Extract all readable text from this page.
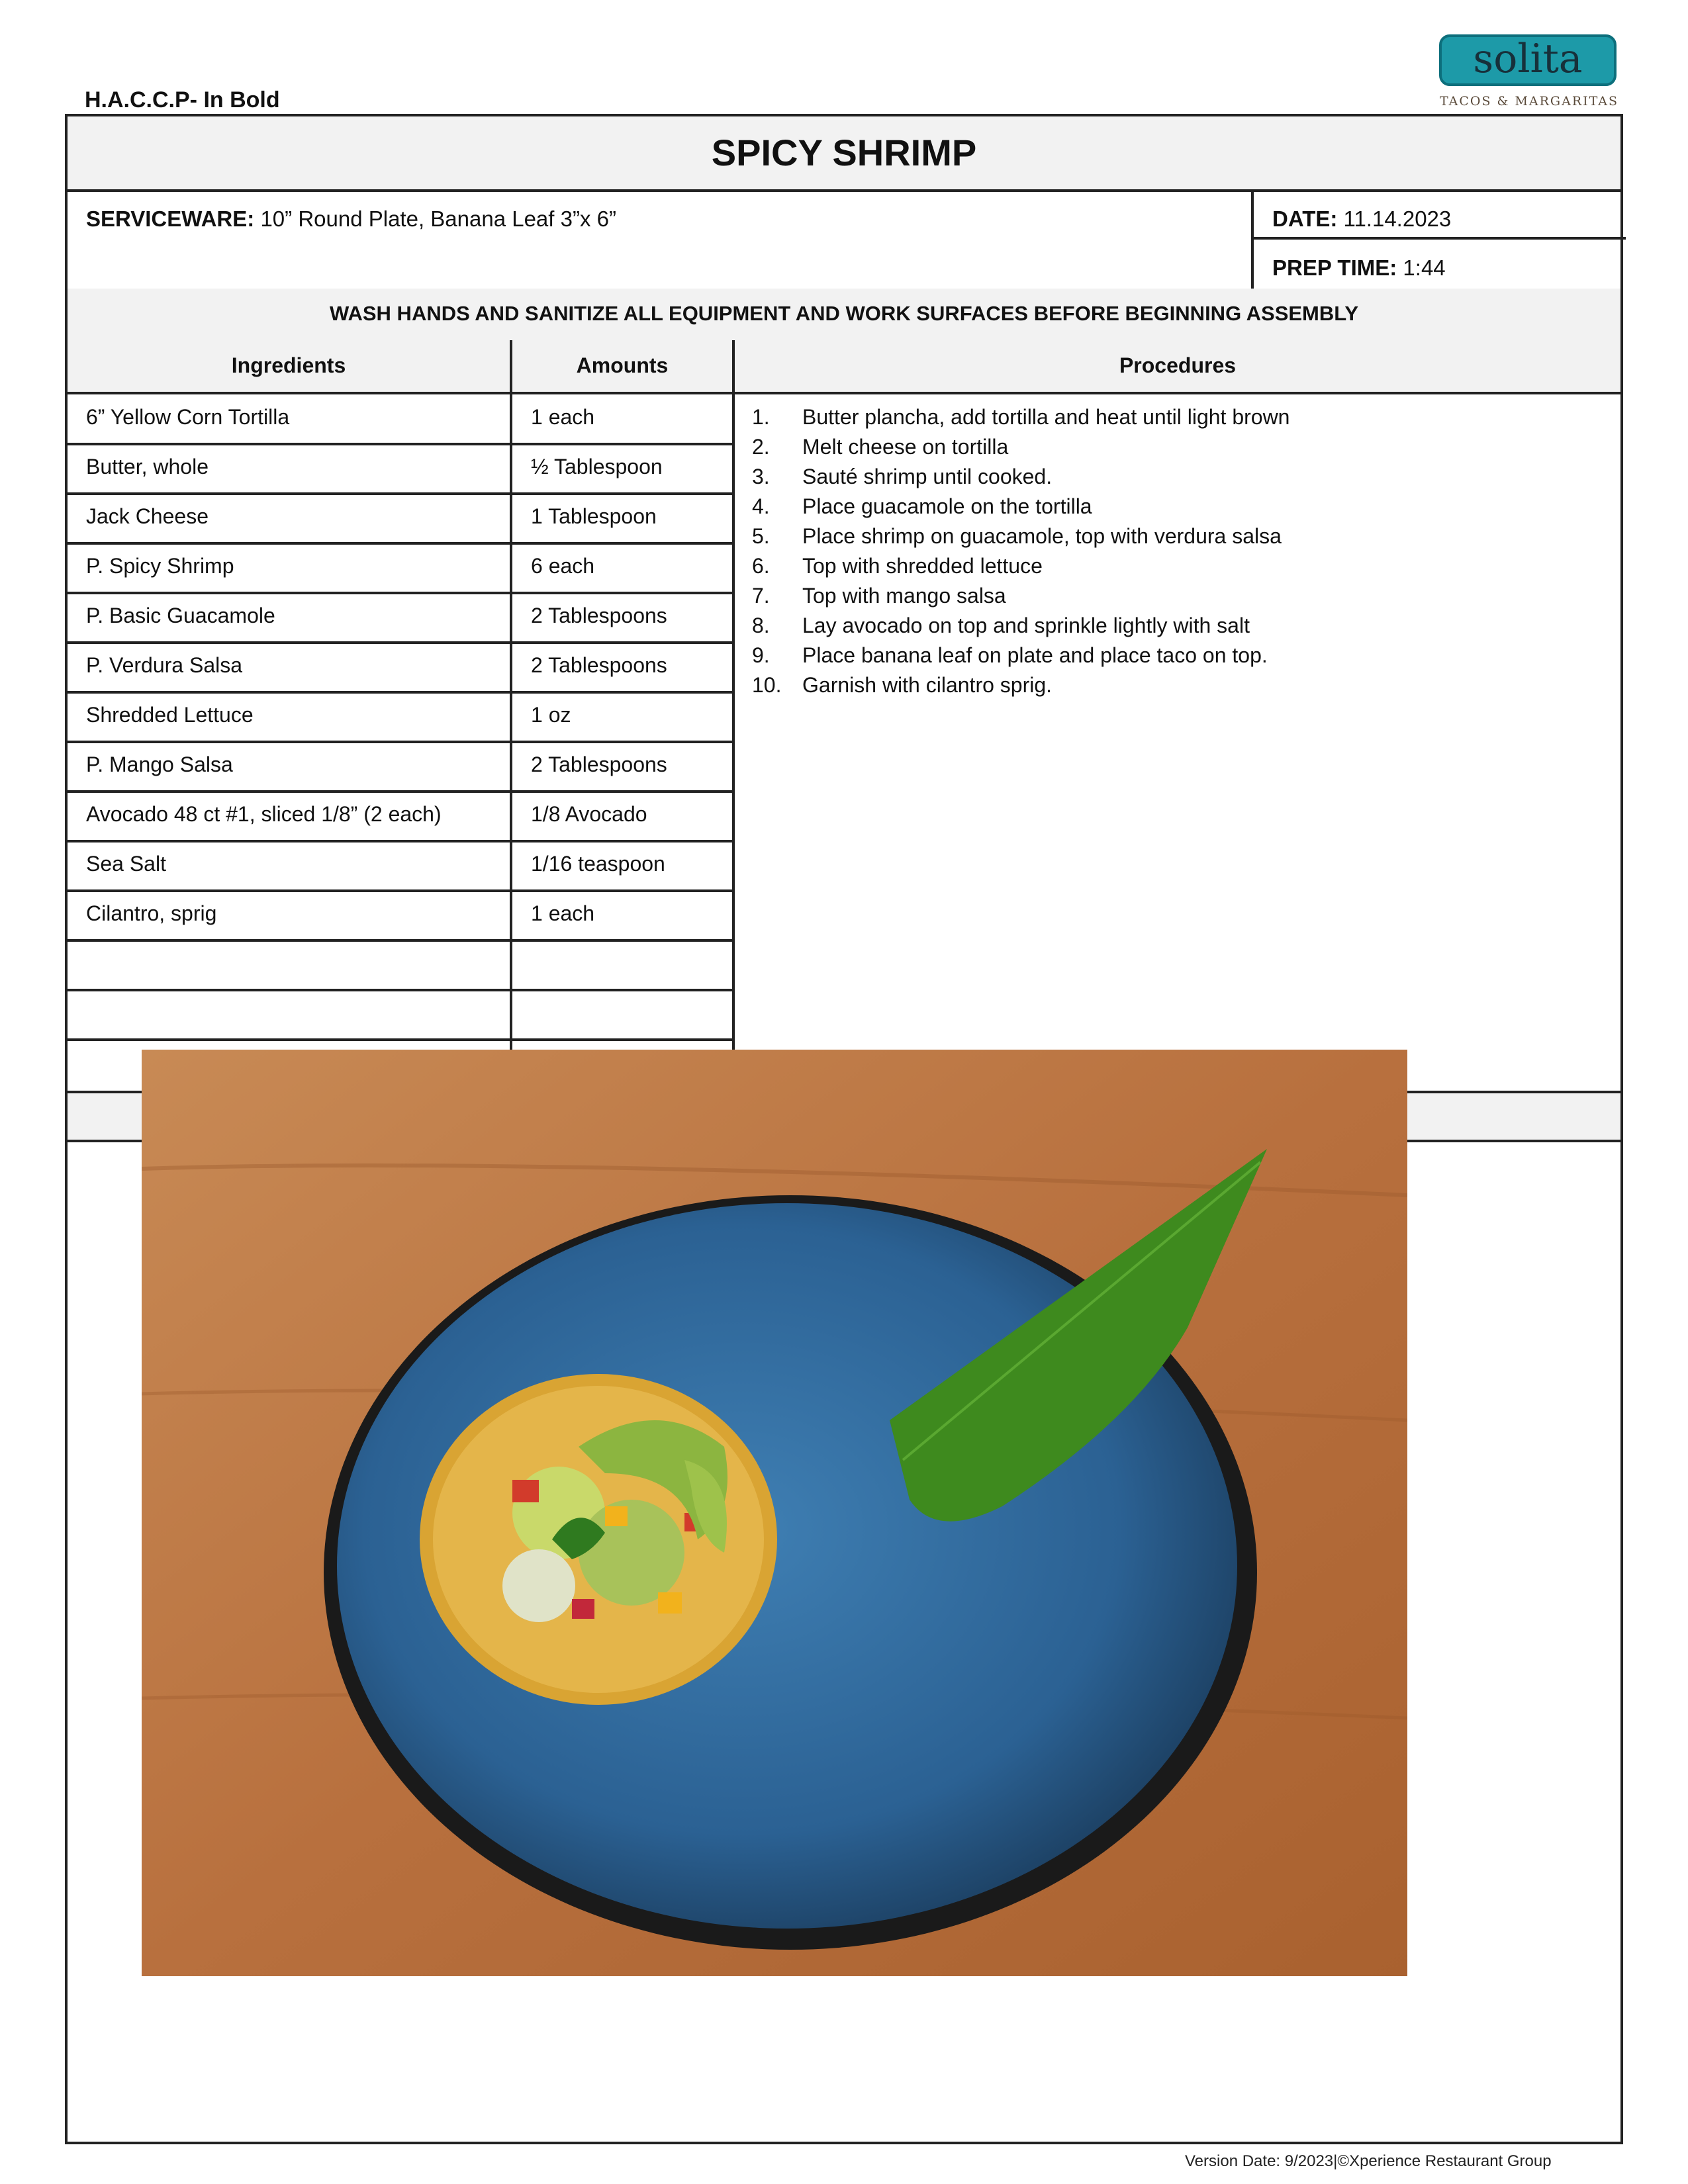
H.A.C.C.P- In Bold
solita
TACOS & MARGARITAS
SPICY SHRIMP
SERVICEWARE: 10” Round Plate, Banana Leaf 3”x 6”	DATE: 11.14.2023
PREP TIME: 1:44
WASH HANDS AND SANITIZE ALL EQUIPMENT AND WORK SURFACES BEFORE BEGINNING ASSEMBLY
Ingredients	Amounts	Procedures
6” Yellow Corn Tortilla	1 each
Butter, whole	½ Tablespoon
Jack Cheese	1 Tablespoon
P. Spicy Shrimp	6 each
P. Basic Guacamole	2 Tablespoons
P. Verdura Salsa	2 Tablespoons
Shredded Lettuce	1 oz
P. Mango Salsa	2 Tablespoons
Avocado 48 ct #1, sliced 1/8” (2 each)	1/8 Avocado
Sea Salt	1/16 teaspoon
Cilantro, sprig	1 each
1. Butter plancha, add tortilla and heat until light brown
2. Melt cheese on tortilla
3. Sauté shrimp until cooked.
4. Place guacamole on the tortilla
5. Place shrimp on guacamole, top with verdura salsa
6. Top with shredded lettuce
7. Top with mango salsa
8. Lay avocado on top and sprinkle lightly with salt
9. Place banana leaf on plate and place taco on top.
10. Garnish with cilantro sprig.
Version Date: 9/2023|©Xperience Restaurant Group
